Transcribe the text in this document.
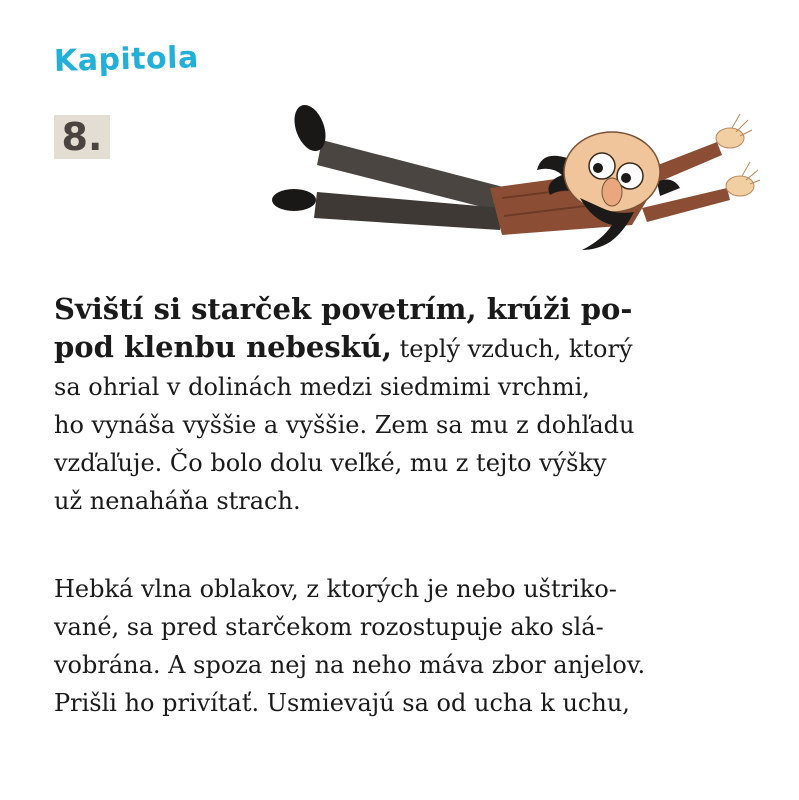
Kapitola
8.

Sviští si starček povetrím, krúži po-
pod klenbu nebeskú, teplý vzduch, ktorý
sa ohrial v dolinách medzi siedmimi vrchmi,
ho vynáša vyššie a vyššie. Zem sa mu z dohľadu
vzďaľuje. Čo bolo dolu veľké, mu z tejto výšky
už nenaháňa strach.

Hebká vlna oblakov, z ktorých je nebo uštriko-
vané, sa pred starčekom rozostupuje ako slá-
vobrána. A spoza nej na neho máva zbor anjelov.
Prišli ho privítať. Usmievajú sa od ucha k uchu,
